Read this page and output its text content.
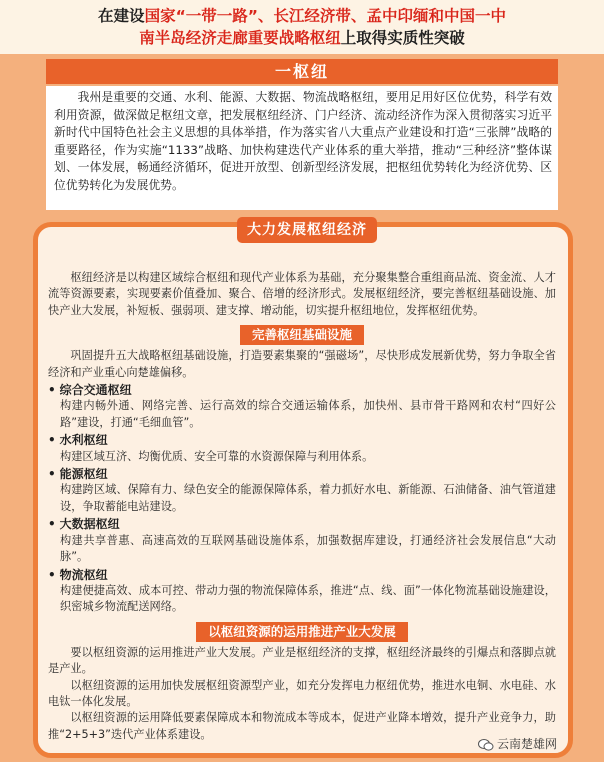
在建设国家“一带一路”、长江经济带、孟中印缅和中国一中
南半岛经济走廊重要战略枢纽上取得实质性突破
一枢纽
我州是重要的交通、水利、能源、大数据、物流战略枢纽，要用足用好区位优势，科学有效利用资源，做深做足枢纽文章，把发展枢纽经济、门户经济、流动经济作为深入贯彻落实习近平新时代中国特色社会主义思想的具体举措，作为落实省八大重点产业建设和打造“三张牌”战略的重要路径，作为实施“1133”战略、加快构建迭代产业体系的重大举措，推动“三种经济”整体谋划、一体发展，畅通经济循环，促进开放型、创新型经济发展，把枢纽优势转化为经济优势、区位优势转化为发展优势。
大力发展枢纽经济
枢纽经济是以构建区域综合枢纽和现代产业体系为基础，充分聚集整合重组商品流、资金流、人才流等资源要素，实现要素价值叠加、聚合、倍增的经济形式。发展枢纽经济，要完善枢纽基础设施、加快产业大发展，补短板、强弱项、建支撑、增动能，切实提升枢纽地位，发挥枢纽优势。
完善枢纽基础设施
巩固提升五大战略枢纽基础设施，打造要素集聚的“强磁场”，尽快形成发展新优势，努力争取全省经济和产业重心向楚雄偏移。
• 综合交通枢纽
构建内畅外通、网络完善、运行高效的综合交通运输体系，加快州、县市骨干路网和农村“四好公路”建设，打通“毛细血管”。
• 水利枢纽
构建区域互济、均衡优质、安全可靠的水资源保障与利用体系。
• 能源枢纽
构建跨区域、保障有力、绿色安全的能源保障体系，着力抓好水电、新能源、石油储备、油气管道建设，争取蓄能电站建设。
• 大数据枢纽
构建共享普惠、高速高效的互联网基础设施体系，加强数据库建设，打通经济社会发展信息“大动脉”。
• 物流枢纽
构建便捷高效、成本可控、带动力强的物流保障体系，推进“点、线、面”一体化物流基础设施建设，织密城乡物流配送网络。
以枢纽资源的运用推进产业大发展
要以枢纽资源的运用推进产业大发展。产业是枢纽经济的支撑，枢纽经济最终的引爆点和落脚点就是产业。
以枢纽资源的运用加快发展枢纽资源型产业，如充分发挥电力枢纽优势，推进水电铜、水电硅、水电钛一体化发展。
以枢纽资源的运用降低要素保障成本和物流成本等成本，促进产业降本增效，提升产业竞争力，助推“2+5+3”迭代产业体系建设。
云南楚雄网
